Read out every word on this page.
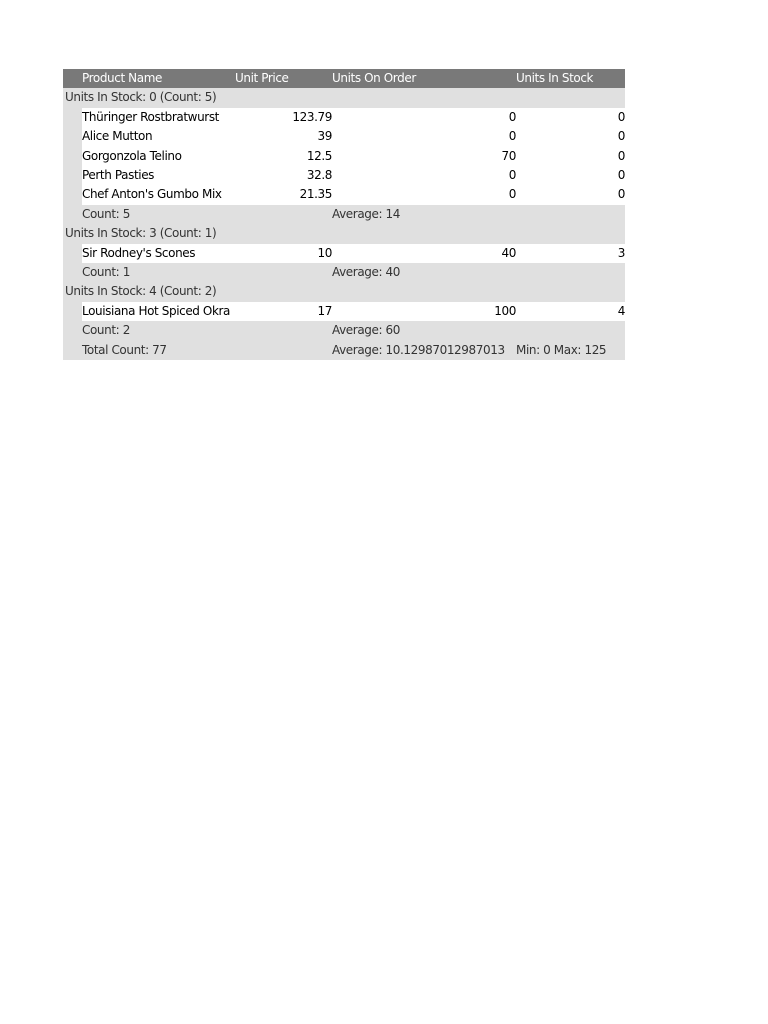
	Product Name	Unit Price	Units On Order	Units In Stock
Units In Stock: 0 (Count: 5)				
	Thüringer Rostbratwurst	123.79	0	0
	Alice Mutton	39	0	0
	Gorgonzola Telino	12.5	70	0
	Perth Pasties	32.8	0	0
	Chef Anton's Gumbo Mix	21.35	0	0
	Count: 5		Average: 14	
Units In Stock: 3 (Count: 1)				
	Sir Rodney's Scones	10	40	3
	Count: 1		Average: 40	
Units In Stock: 4 (Count: 2)				
	Louisiana Hot Spiced Okra	17	100	4
	Count: 2		Average: 60	
	Total Count: 77		Average: 10.12987012987013	Min: 0 Max: 125
